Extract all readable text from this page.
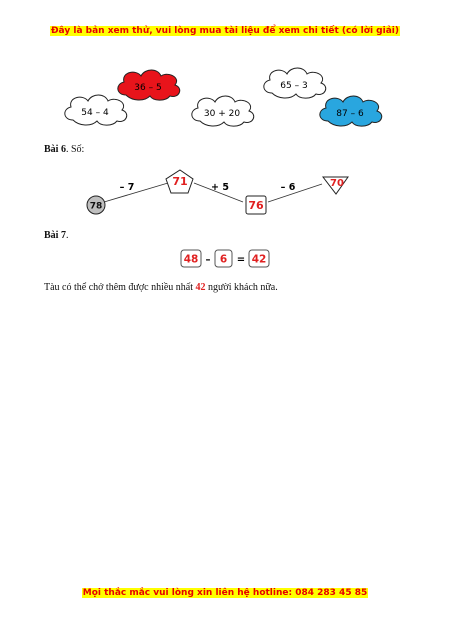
Đây là bản xem thử, vui lòng mua tài liệu để xem chi tiết (có lời giải)
36 – 5	65 – 3
54 – 4	30 + 20	87 – 6
Bài 6. Số:
78
– 7	+ 5	– 6
71
76
70
Bài 7.
48 – 6 = 42
Tàu có thể chở thêm được nhiều nhất 42 người khách nữa.
Mọi thắc mắc vui lòng xin liên hệ hotline: 084 283 45 85
